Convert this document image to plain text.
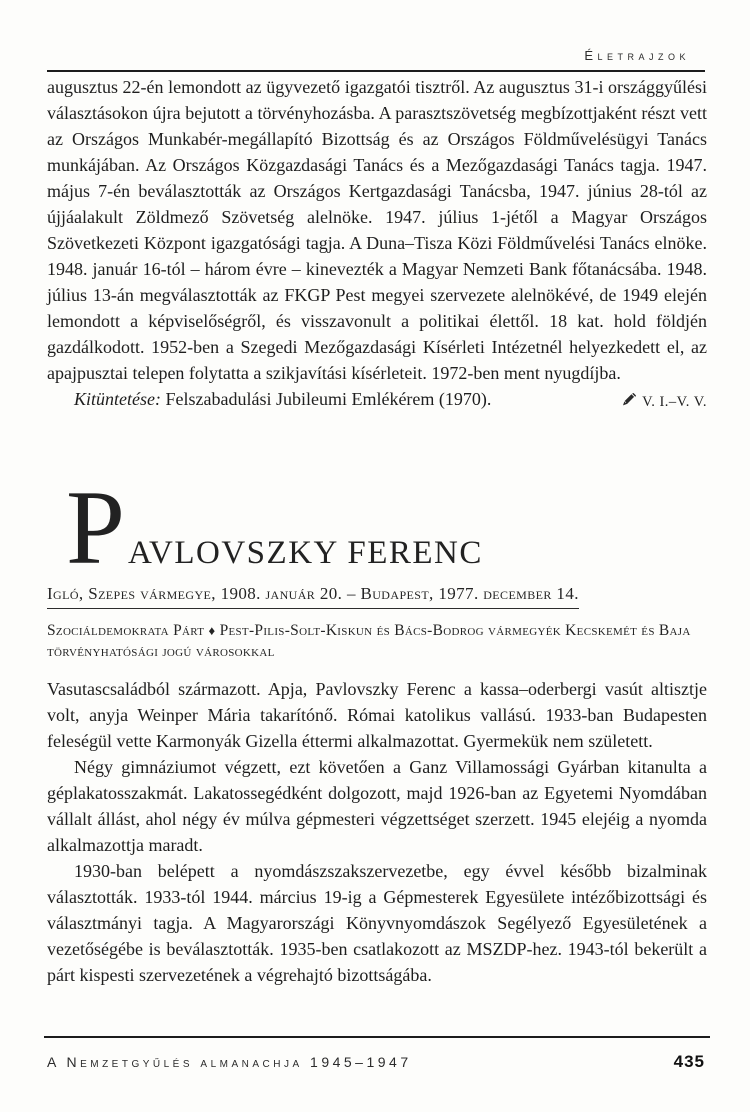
Életrajzok

augusztus 22-én lemondott az ügyvezető igazgatói tisztről. Az augusztus 31-i országgyűlési választásokon újra bejutott a törvényhozásba. A parasztszövetség megbízottjaként részt vett az Országos Munkabér-megállapító Bizottság és az Országos Földművelésügyi Tanács munkájában. Az Országos Közgazdasági Tanács és a Mezőgazdasági Tanács tagja. 1947. május 7-én beválasztották az Országos Kertgazdasági Tanácsba, 1947. június 28-tól az újjáalakult Zöldmező Szövetség alelnöke. 1947. július 1-jétől a Magyar Országos Szövetkezeti Központ igazgatósági tagja. A Duna–Tisza Közi Földművelési Tanács elnöke. 1948. január 16-tól – három évre – kinevezték a Magyar Nemzeti Bank főtanácsába. 1948. július 13-án megválasztották az FKGP Pest megyei szervezete alelnökévé, de 1949 elején lemondott a képviselőségről, és visszavonult a politikai élettől. 18 kat. hold földjén gazdálkodott. 1952-ben a Szegedi Mezőgazdasági Kísérleti Intézetnél helyezkedett el, az apajpusztai telepen folytatta a szikjavítási kísérleteit. 1972-ben ment nyugdíjba.

V. I.–V. V.
Kitüntetése: Felszabadulási Jubileumi Emlékérem (1970).

PAVLOVSZKY FERENC
Igló, Szepes vármegye, 1908. január 20. – Budapest, 1977. december 14.
Szociáldemokrata Párt ♦ Pest-Pilis-Solt-Kiskun és Bács-Bodrog vármegyék Kecskemét és Baja törvényhatósági jogú városokkal

Vasutascsaládból származott. Apja, Pavlovszky Ferenc a kassa–oderbergi vasút altisztje volt, anyja Weinper Mária takarítónő. Római katolikus vallású. 1933-ban Budapesten feleségül vette Karmonyák Gizella éttermi alkalmazottat. Gyermekük nem született.

Négy gimnáziumot végzett, ezt követően a Ganz Villamossági Gyárban kitanulta a géplakatosszakmát. Lakatossegédként dolgozott, majd 1926-ban az Egyetemi Nyomdában vállalt állást, ahol négy év múlva gépmesteri végzettséget szerzett. 1945 elejéig a nyomda alkalmazottja maradt.

1930-ban belépett a nyomdászszakszervezetbe, egy évvel később bizalminak választották. 1933-tól 1944. március 19-ig a Gépmesterek Egyesülete intézőbizottsági és választmányi tagja. A Magyarországi Könyvnyomdászok Segélyező Egyesületének a vezetőségébe is beválasztották. 1935-ben csatlakozott az MSZDP-hez. 1943-tól bekerült a párt kispesti szervezetének a végrehajtó bizottságába.

A Nemzetgyűlés almanachja 1945–1947	435
